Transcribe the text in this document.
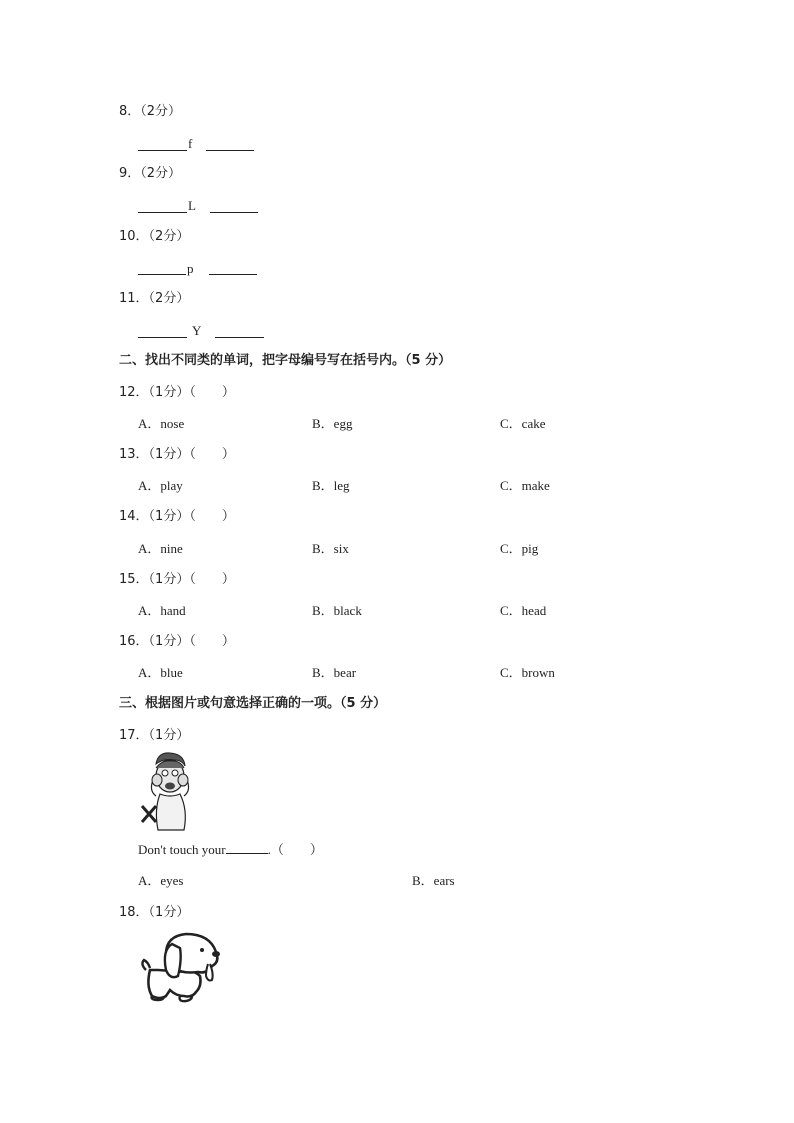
8．（2分）
f
9．（2分）
L
10．（2分）
p
11．（2分）
Y
二、找出不同类的单词，把字母编号写在括号内。（5 分）
12．（1分）（　　）
A．nose	B．egg	C．cake
13．（1分）（　　）
A．play	B．leg	C．make
14．（1分）（　　）
A．nine	B．six	C．pig
15．（1分）（　　）
A．hand	B．black	C．head
16．（1分）（　　）
A．blue	B．bear	C．brown
三、根据图片或句意选择正确的一项。（5 分）
17．（1分）
Don't touch your	.（　　）
A．eyes	B．ears
18．（1分）
